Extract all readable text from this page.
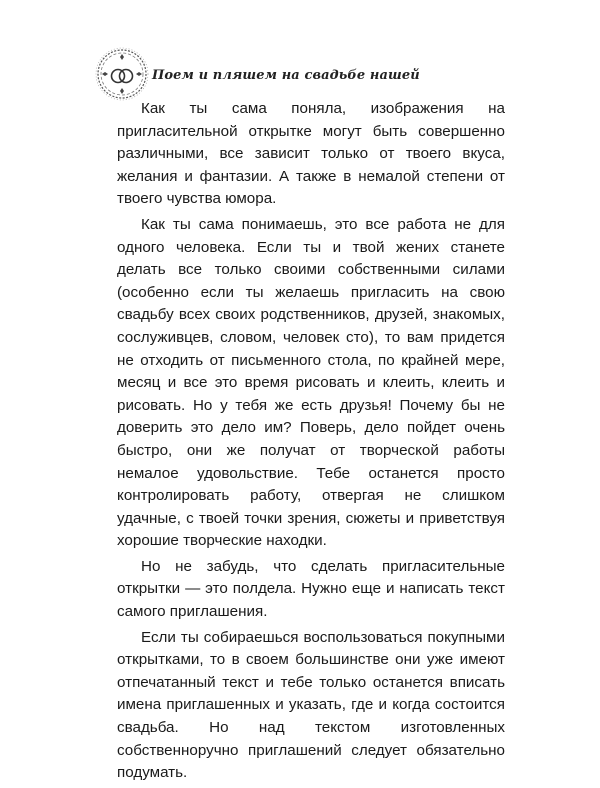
Поем и пляшем на свадьбе нашей

Как ты сама поняла, изображения на пригласительной открытке могут быть совершенно различными, все зависит только от твоего вкуса, желания и фантазии. А также в немалой степени от твоего чувства юмора.

Как ты сама понимаешь, это все работа не для одного человека. Если ты и твой жених станете делать все только своими собственными силами (особенно если ты желаешь пригласить на свою свадьбу всех своих родственников, друзей, знакомых, сослуживцев, словом, человек сто), то вам придется не отходить от письменного стола, по крайней мере, месяц и все это время рисовать и клеить, клеить и рисовать. Но у тебя же есть друзья! Почему бы не доверить это дело им? Поверь, дело пойдет очень быстро, они же получат от творческой работы немалое удовольствие. Тебе останется просто контролировать работу, отвергая не слишком удачные, с твоей точки зрения, сюжеты и приветствуя хорошие творческие находки.

Но не забудь, что сделать пригласительные открытки — это полдела. Нужно еще и написать текст самого приглашения.

Если ты собираешься воспользоваться покупными открытками, то в своем большинстве они уже имеют отпечатанный текст и тебе только останется вписать имена приглашенных и указать, где и когда состоится свадьба. Но над текстом изготовленных собственноручно приглашений следует обязательно подумать.
